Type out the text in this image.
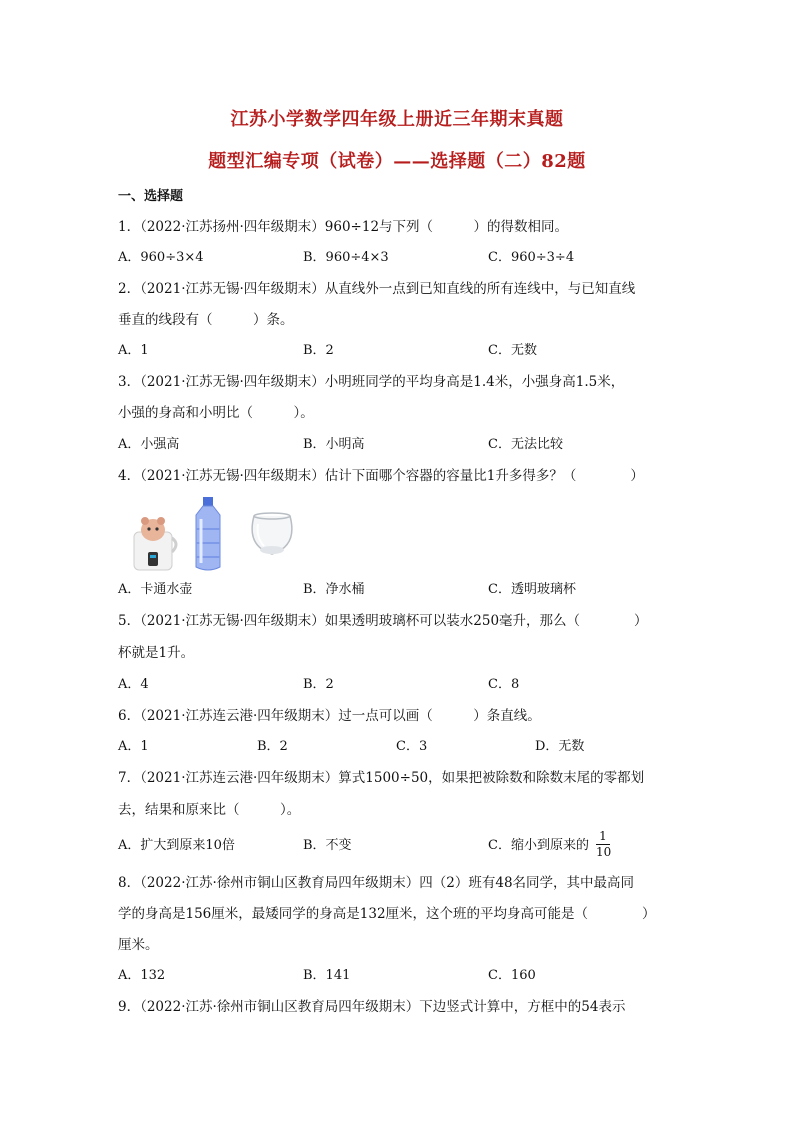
江苏小学数学四年级上册近三年期末真题
题型汇编专项（试卷）——选择题（二）82题
一、选择题
1．（2022·江苏扬州·四年级期末）960÷12与下列（　　　）的得数相同。
A．960÷3×4	B．960÷4×3	C．960÷3÷4
2．（2021·江苏无锡·四年级期末）从直线外一点到已知直线的所有连线中，与已知直线
垂直的线段有（　　　）条。
A．1	B．2	C．无数
3．（2021·江苏无锡·四年级期末）小明班同学的平均身高是1.4米，小强身高1.5米，
小强的身高和小明比（　　　）。
A．小强高	B．小明高	C．无法比较
4．（2021·江苏无锡·四年级期末）估计下面哪个容器的容量比1升多得多？（　　　　）
A．卡通水壶	B．净水桶	C．透明玻璃杯
5．（2021·江苏无锡·四年级期末）如果透明玻璃杯可以装水250毫升，那么（　　　　）
杯就是1升。
A．4	B．2	C．8
6．（2021·江苏连云港·四年级期末）过一点可以画（　　　）条直线。
A．1	B．2	C．3	D．无数
7．（2021·江苏连云港·四年级期末）算式1500÷50，如果把被除数和除数末尾的零都划
去，结果和原来比（　　　）。
A．扩大到原来10倍	B．不变	C．缩小到原来的
1
10
8．（2022·江苏·徐州市铜山区教育局四年级期末）四（2）班有48名同学，其中最高同
学的身高是156厘米，最矮同学的身高是132厘米，这个班的平均身高可能是（　　　　）
厘米。
A．132	B．141	C．160
9．（2022·江苏·徐州市铜山区教育局四年级期末）下边竖式计算中，方框中的54表示
